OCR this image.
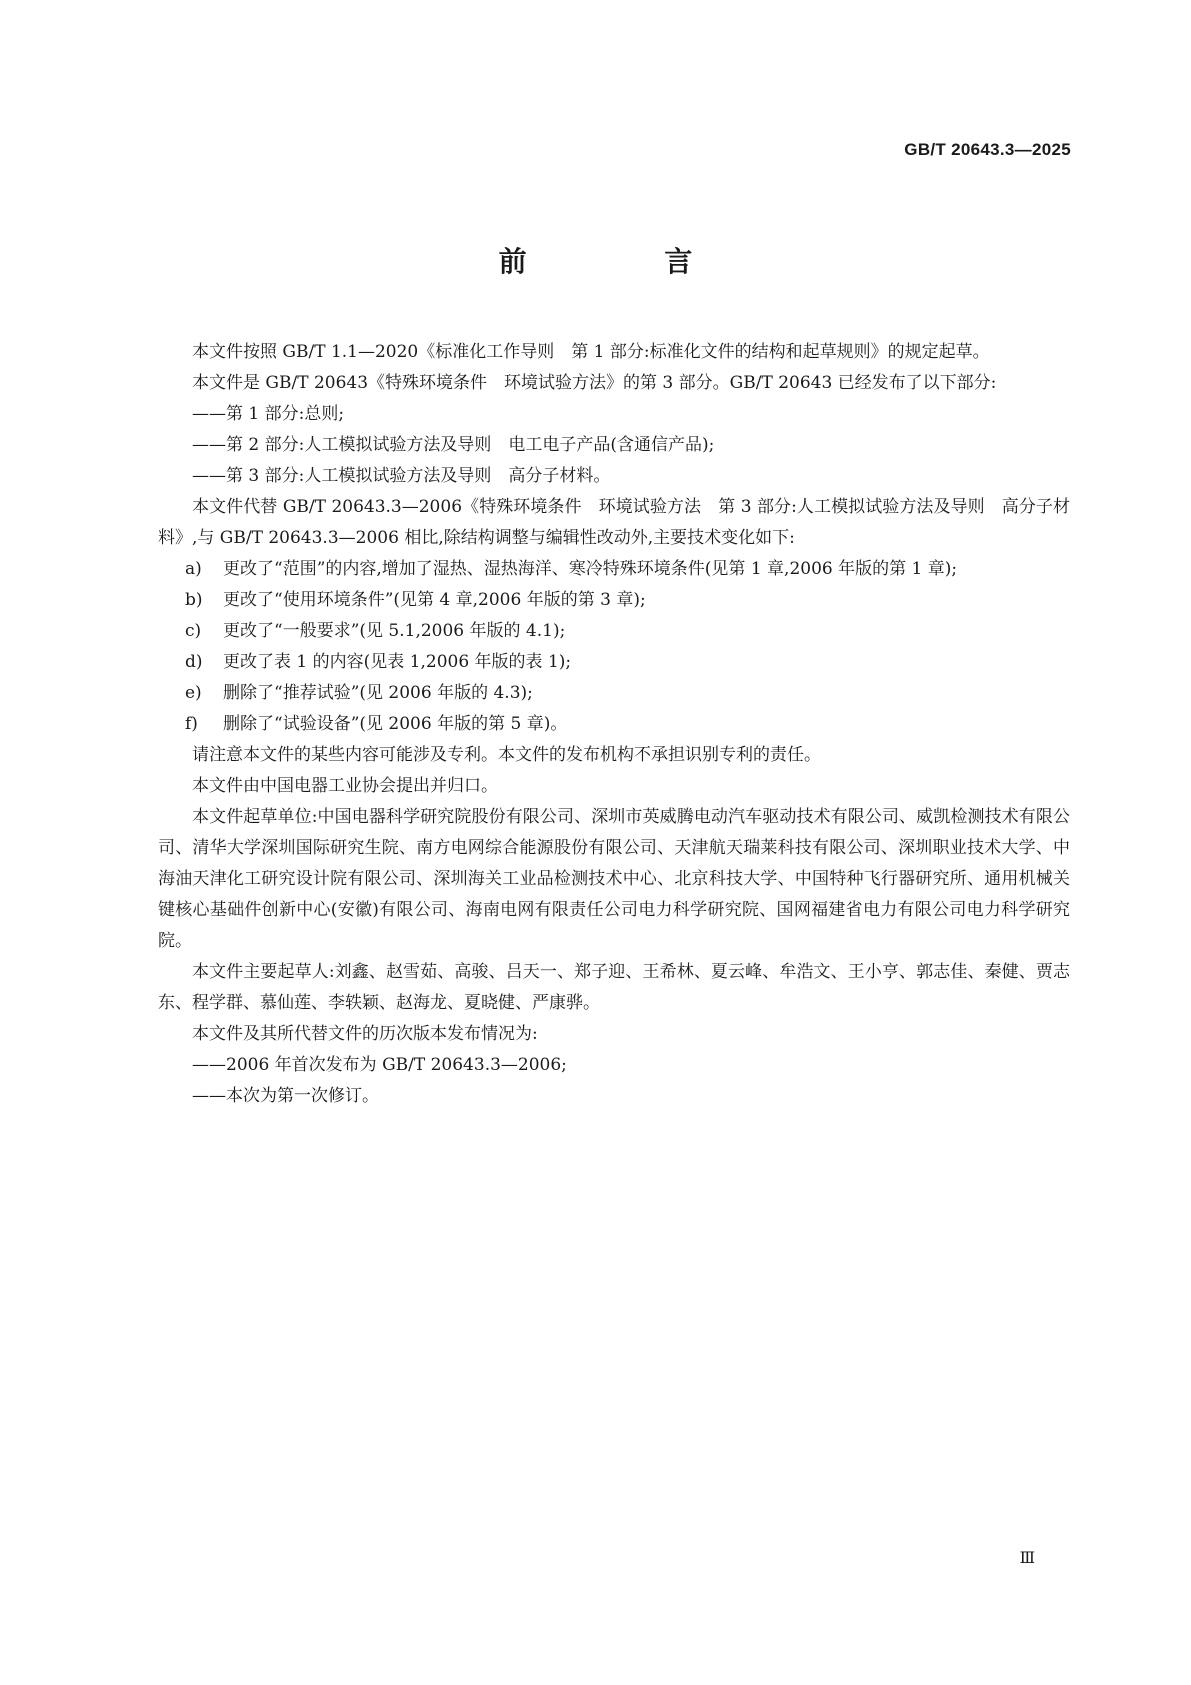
GB/T 20643.3—2025
前 言

本文件按照 GB/T 1.1—2020《标准化工作导则　第 1 部分:标准化文件的结构和起草规则》的规定起草。

本文件是 GB/T 20643《特殊环境条件　环境试验方法》的第 3 部分。GB/T 20643 已经发布了以下部分:

——第 1 部分:总则;

——第 2 部分:人工模拟试验方法及导则　电工电子产品(含通信产品);

——第 3 部分:人工模拟试验方法及导则　高分子材料。

本文件代替 GB/T 20643.3—2006《特殊环境条件　环境试验方法　第 3 部分:人工模拟试验方法及导则　高分子材料》,与 GB/T 20643.3—2006 相比,除结构调整与编辑性改动外,主要技术变化如下:

a)	更改了“范围”的内容,增加了湿热、湿热海洋、寒冷特殊环境条件(见第 1 章,2006 年版的第 1 章);
b)	更改了“使用环境条件”(见第 4 章,2006 年版的第 3 章);
c)	更改了“一般要求”(见 5.1,2006 年版的 4.1);
d)	更改了表 1 的内容(见表 1,2006 年版的表 1);
e)	删除了“推荐试验”(见 2006 年版的 4.3);
f)	删除了“试验设备”(见 2006 年版的第 5 章)。

请注意本文件的某些内容可能涉及专利。本文件的发布机构不承担识别专利的责任。

本文件由中国电器工业协会提出并归口。

本文件起草单位:中国电器科学研究院股份有限公司、深圳市英威腾电动汽车驱动技术有限公司、威凯检测技术有限公司、清华大学深圳国际研究生院、南方电网综合能源股份有限公司、天津航天瑞莱科技有限公司、深圳职业技术大学、中海油天津化工研究设计院有限公司、深圳海关工业品检测技术中心、北京科技大学、中国特种飞行器研究所、通用机械关键核心基础件创新中心(安徽)有限公司、海南电网有限责任公司电力科学研究院、国网福建省电力有限公司电力科学研究院。

本文件主要起草人:刘鑫、赵雪茹、高骏、吕天一、郑子迎、王希林、夏云峰、牟浩文、王小亨、郭志佳、秦健、贾志东、程学群、慕仙莲、李轶颖、赵海龙、夏晓健、严康骅。

本文件及其所代替文件的历次版本发布情况为:

——2006 年首次发布为 GB/T 20643.3—2006;

——本次为第一次修订。

Ⅲ
